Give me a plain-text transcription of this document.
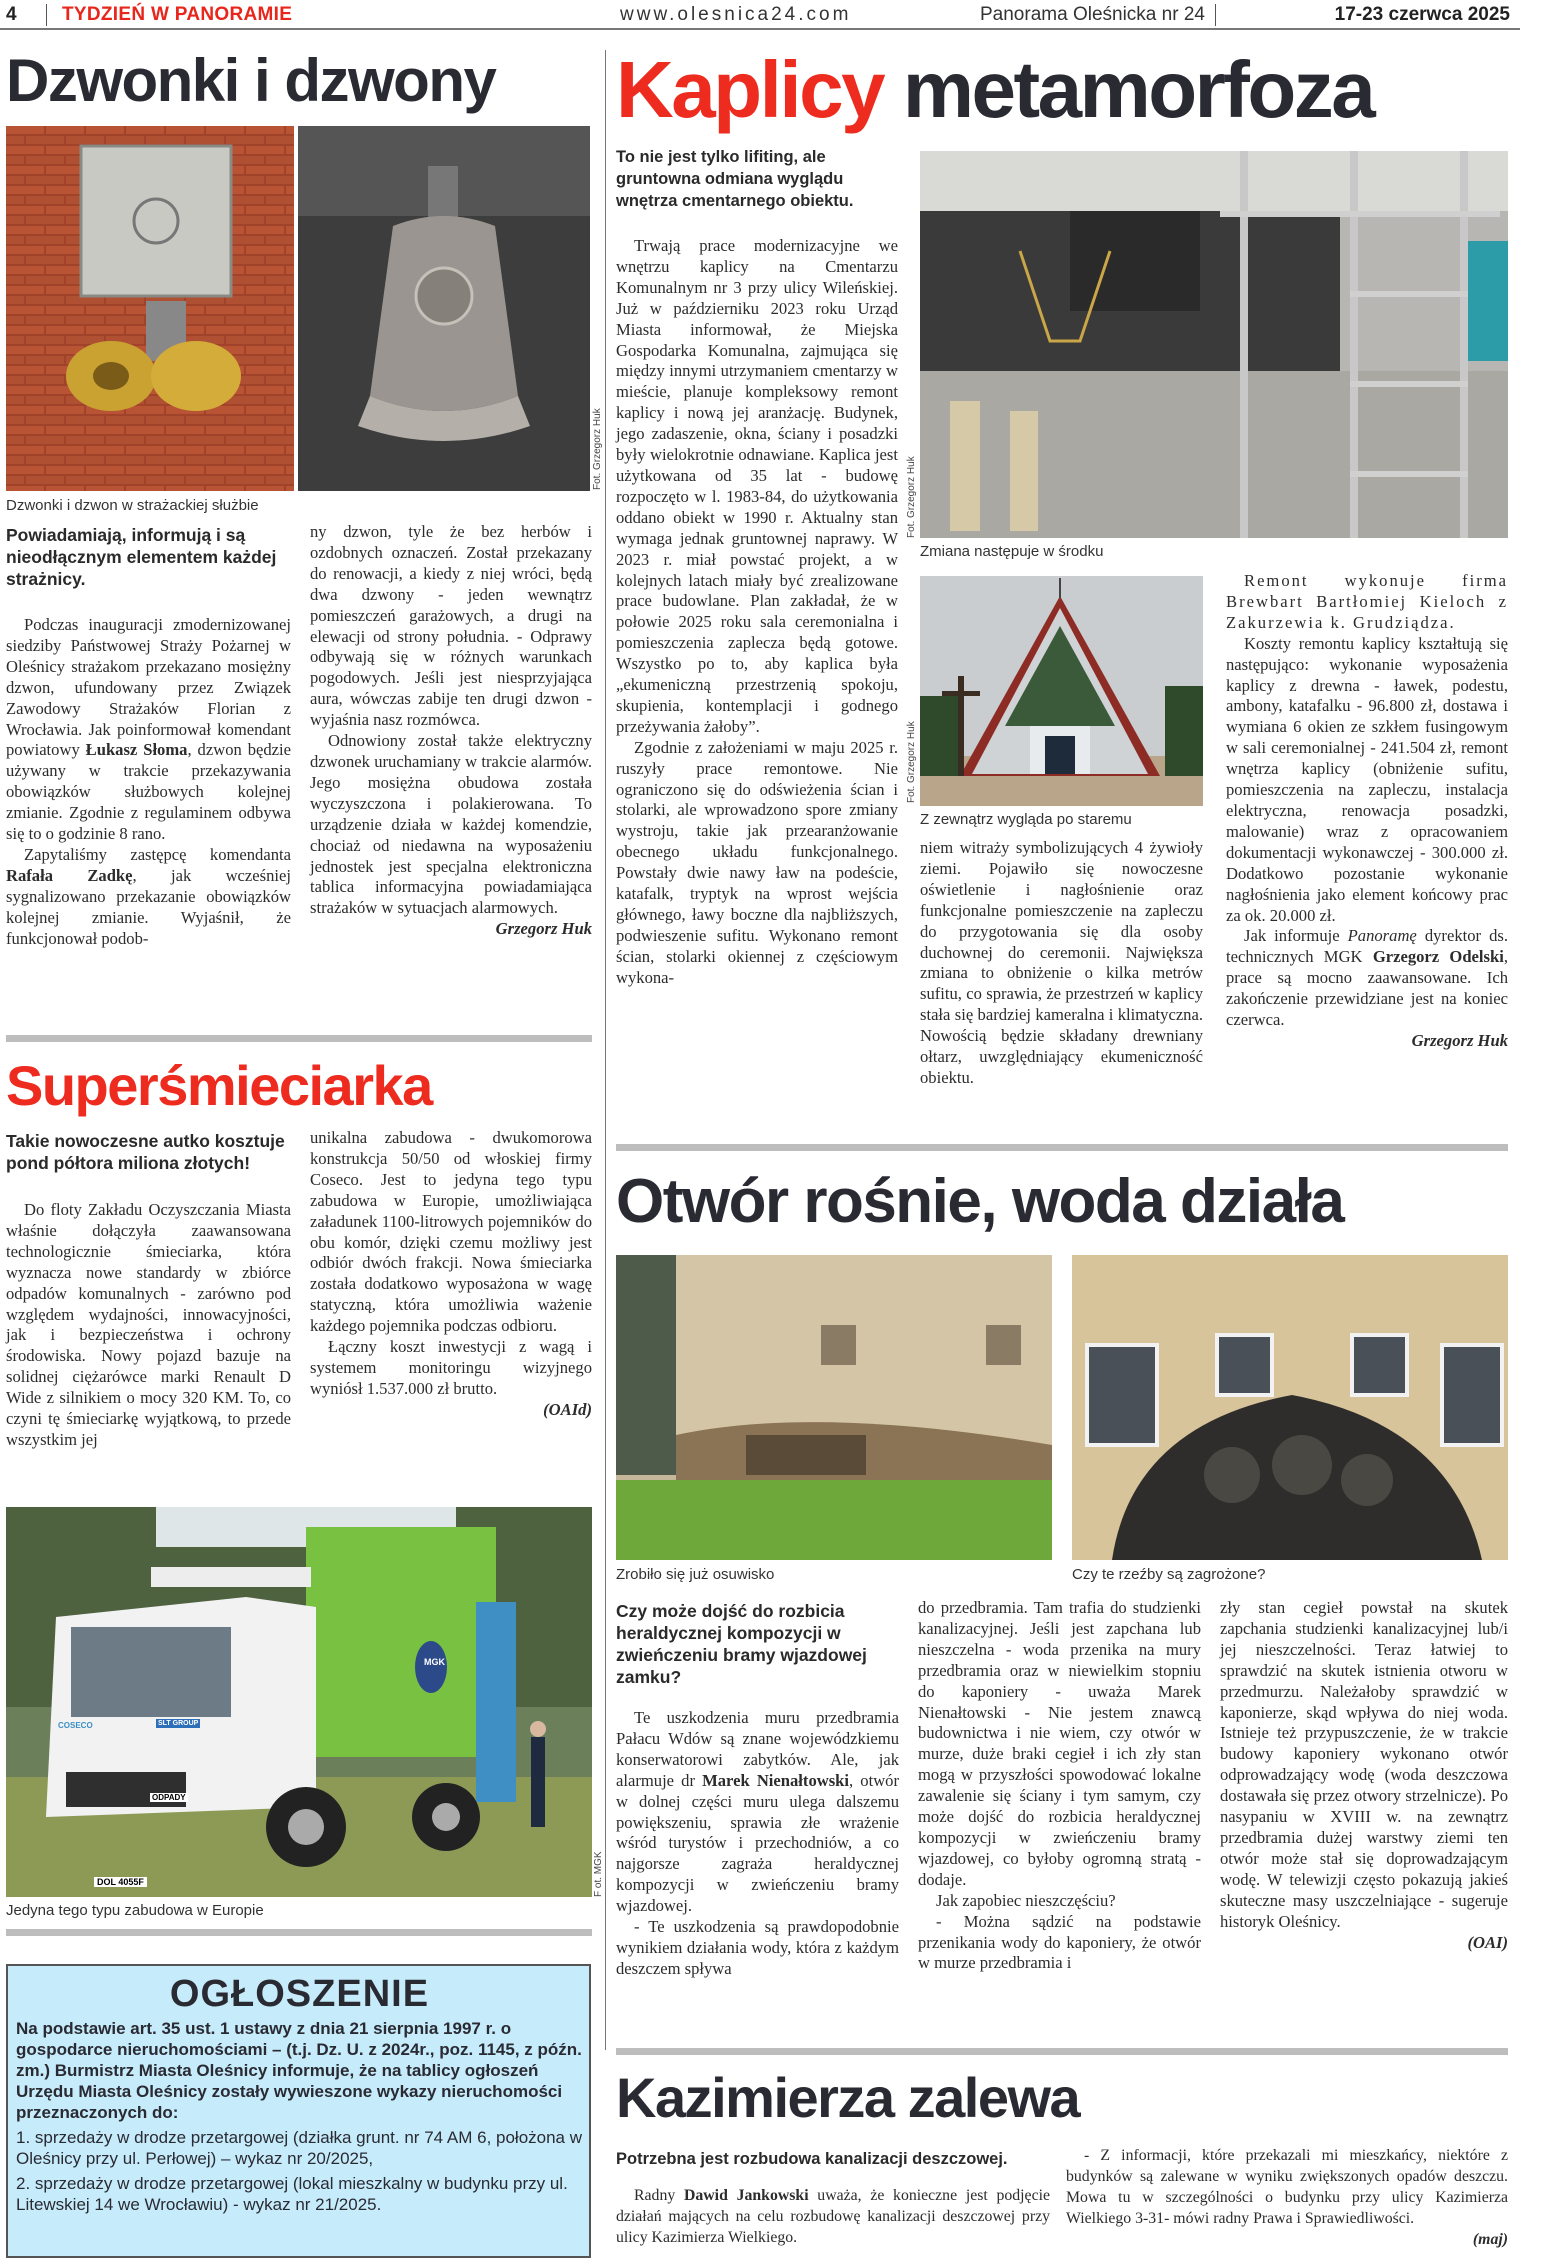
4 TYDZIEŃ W PANORAMIE	www.olesnica24.com	Panorama Oleśnicka nr 24	17-23 czerwca 2025
Dzwonki i dzwony
Fot. Grzegorz Huk
Dzwonki i dzwon w strażackiej służbie
Powiadamiają, informują i są nieodłącznym elementem każdej strażnicy.

Podczas inauguracji zmodernizowanej siedziby Państwowej Straży Pożarnej w Oleśnicy strażakom przekazano mosiężny dzwon, ufundowany przez Związek Zawodowy Strażaków Florian z Wrocławia. Jak poinformował komendant powiatowy Łukasz Słoma, dzwon będzie używany w trakcie przekazywania obowiązków służbowych kolejnej zmianie. Zgodnie z regulaminem odbywa się to o godzinie 8 rano.

Zapytaliśmy zastępcę komendanta Rafała Zadkę, jak wcześniej sygnalizowano przekazanie obowiązków kolejnej zmianie. Wyjaśnił, że funkcjonował podob-

ny dzwon, tyle że bez herbów i ozdobnych oznaczeń. Został przekazany do renowacji, a kiedy z niej wróci, będą dwa dzwony - jeden wewnątrz pomieszczeń garażowych, a drugi na elewacji od strony południa. - Odprawy odbywają się w różnych warunkach pogodowych. Jeśli jest niesprzyjająca aura, wówczas zabije ten drugi dzwon - wyjaśnia nasz rozmówca.

Odnowiony został także elektryczny dzwonek uruchamiany w trakcie alarmów. Jego mosiężna obudowa została wyczyszczona i polakierowana. To urządzenie działa w każdej komendzie, chociaż od niedawna na wyposażeniu jednostek jest specjalna elektroniczna tablica informacyjna powiadamiająca strażaków w sytuacjach alarmowych.

Grzegorz Huk
Superśmieciarka
Takie nowoczesne autko kosztuje pond półtora miliona złotych!

Do floty Zakładu Oczyszczania Miasta właśnie dołączyła zaawansowana technologicznie śmieciarka, która wyznacza nowe standardy w zbiórce odpadów komunalnych - zarówno pod względem wydajności, innowacyjności, jak i bezpieczeństwa i ochrony środowiska. Nowy pojazd bazuje na solidnej ciężarówce marki Renault D Wide z silnikiem o mocy 320 KM. To, co czyni tę śmieciarkę wyjątkową, to przede wszystkim jej

unikalna zabudowa - dwukomorowa konstrukcja 50/50 od włoskiej firmy Coseco. Jest to jedyna tego typu zabudowa w Europie, umożliwiająca załadunek 1100-litrowych pojemników do obu komór, dzięki czemu możliwy jest odbiór dwóch frakcji. Nowa śmieciarka została dodatkowo wyposażona w wagę statyczną, która umożliwia ważenie każdego pojemnika podczas odbioru.

Łączny koszt inwestycji z wagą i systemem monitoringu wizyjnego wyniósł 1.537.000 zł brutto.

(OAId)
COSECO	SLT GROUP
MGK
ODPADY
DOL 4055F	F ot. MGK
Jedyna tego typu zabudowa w Europie
OGŁOSZENIE
Na podstawie art. 35 ust. 1 ustawy z dnia 21 sierpnia 1997 r. o gospodarce nieruchomościami – (t.j. Dz. U. z 2024r., poz. 1145, z późn. zm.) Burmistrz Miasta Oleśnicy informuje, że na tablicy ogłoszeń Urzędu Miasta Oleśnicy zostały wywieszone wykazy nieruchomości przeznaczonych do:
1. sprzedaży w drodze przetargowej (działka grunt. nr 74 AM 6, położona w Oleśnicy przy ul. Perłowej) – wykaz nr 20/2025,
2. sprzedaży w drodze przetargowej (lokal mieszkalny w budynku przy ul. Litewskiej 14 we Wrocławiu) - wykaz nr 21/2025.
Kaplicy metamorfoza
To nie jest tylko lifiting, ale gruntowna odmiana wyglądu wnętrza cmentarnego obiektu.

Trwają prace modernizacyjne we wnętrzu kaplicy na Cmentarzu Komunalnym nr 3 przy ulicy Wileńskiej. Już w październiku 2023 roku Urząd Miasta informował, że Miejska Gospodarka Komunalna, zajmująca się między innymi utrzymaniem cmentarzy w mieście, planuje kompleksowy remont kaplicy i nową jej aranżację. Budynek, jego zadaszenie, okna, ściany i posadzki były wielokrotnie odnawiane. Kaplica jest użytkowana od 35 lat - budowę rozpoczęto w l. 1983-84, do użytkowania oddano obiekt w 1990 r. Aktualny stan wymaga jednak gruntownej naprawy. W 2023 r. miał powstać projekt, a w kolejnych latach miały być zrealizowane prace budowlane. Plan zakładał, że w połowie 2025 roku sala ceremonialna i pomieszczenia zaplecza będą gotowe. Wszystko po to, aby kaplica była „ekumeniczną przestrzenią spokoju, skupienia, kontemplacji i godnego przeżywania żałoby”.

Zgodnie z założeniami w maju 2025 r. ruszyły prace remontowe. Nie ograniczono się do odświeżenia ścian i stolarki, ale wprowadzono spore zmiany wystroju, takie jak przearanżowanie obecnego układu funkcjonalnego. Powstały dwie nawy ław na podeście, katafalk, tryptyk na wprost wejścia głównego, ławy boczne dla najbliższych, podwieszenie sufitu. Wykonano remont ścian, stolarki okiennej z częściowym wykona-

Fot. Grzegorz Huk
Zmiana następuje w środku
Fot. Grzegorz Huk
Z zewnątrz wygląda po staremu

niem witraży symbolizujących 4 żywioły ziemi. Pojawiło się nowoczesne oświetlenie i nagłośnienie oraz funkcjonalne pomieszczenie na zapleczu do przygotowania się dla osoby duchownej do ceremonii. Największa zmiana to obniżenie o kilka metrów sufitu, co sprawia, że przestrzeń w kaplicy stała się bardziej kameralna i klimatyczna. Nowością będzie składany drewniany ołtarz, uwzględniający ekumeniczność obiektu.

Remont wykonuje firma Brewbart Bartłomiej Kieloch z Zakurzewia k. Grudziądza.

Koszty remontu kaplicy kształtują się następująco: wykonanie wyposażenia kaplicy z drewna - ławek, podestu, ambony, katafalku - 96.800 zł, dostawa i wymiana 6 okien ze szkłem fusingowym w sali ceremonialnej - 241.504 zł, remont wnętrza kaplicy (obniżenie sufitu, pomieszczenia na zapleczu, instalacja elektryczna, renowacja posadzki, malowanie) wraz z opracowaniem dokumentacji wykonawczej - 300.000 zł. Dodatkowo pozostanie wykonanie nagłośnienia jako element końcowy prac za ok. 20.000 zł.

Jak informuje Panoramę dyrektor ds. technicznych MGK Grzegorz Odelski, prace są mocno zaawansowane. Ich zakończenie przewidziane jest na koniec czerwca.

Grzegorz Huk
Otwór rośnie, woda działa
Zrobiło się już osuwisko	Czy te rzeźby są zagrożone?
Czy może dojść do rozbicia heraldycznej kompozycji w zwieńczeniu bramy wjazdowej zamku?

Te uszkodzenia muru przedbramia Pałacu Wdów są znane wojewódzkiemu konserwatorowi zabytków. Ale, jak alarmuje dr Marek Nienałtowski, otwór w dolnej części muru ulega dalszemu powiększeniu, sprawia złe wrażenie wśród turystów i przechodniów, a co najgorsze zagraża heraldycznej kompozycji w zwieńczeniu bramy wjazdowej.

- Te uszkodzenia są prawdopodobnie wynikiem działania wody, która z każdym deszczem spływa

do przedbramia. Tam trafia do studzienki kanalizacyjnej. Jeśli jest zapchana lub nieszczelna - woda przenika na mury przedbramia oraz w niewielkim stopniu do kaponiery - uważa Marek Nienałtowski - Nie jestem znawcą budownictwa i nie wiem, czy otwór w murze, duże braki cegieł i ich zły stan mogą w przyszłości spowodować lokalne zawalenie się ściany i tym samym, czy może dojść do rozbicia heraldycznej kompozycji w zwieńczeniu bramy wjazdowej, co byłoby ogromną stratą - dodaje.

Jak zapobiec nieszczęściu?

- Można sądzić na podstawie przenikania wody do kaponiery, że otwór w murze przedbramia i

zły stan cegieł powstał na skutek zapchania studzienki kanalizacyjnej lub/i jej nieszczelności. Teraz łatwiej to sprawdzić na skutek istnienia otworu w przedmurzu. Należałoby sprawdzić w kaponierze, skąd wpływa do niej woda. Istnieje też przypuszczenie, że w trakcie budowy kaponiery wykonano otwór odprowadzający wodę (woda deszczowa dostawała się przez otwory strzelnicze). Po nasypaniu w XVIII w. na zewnątrz przedbramia dużej warstwy ziemi ten otwór może stał się doprowadzającym wodę. W telewizji często pokazują jakieś skuteczne masy uszczelniające - sugeruje historyk Oleśnicy.

(OAI)
Kazimierza zalewa
Potrzebna jest rozbudowa kanalizacji deszczowej.

Radny Dawid Jankowski uważa, że konieczne jest podjęcie działań mających na celu rozbudowę kanalizacji deszczowej przy ulicy Kazimierza Wielkiego.

- Z informacji, które przekazali mi mieszkańcy, niektóre z budynków są zalewane w wyniku zwiększonych opadów deszczu. Mowa tu w szczególności o budynku przy ulicy Kazimierza Wielkiego 3-31- mówi radny Prawa i Sprawiedliwości.

(maj)
